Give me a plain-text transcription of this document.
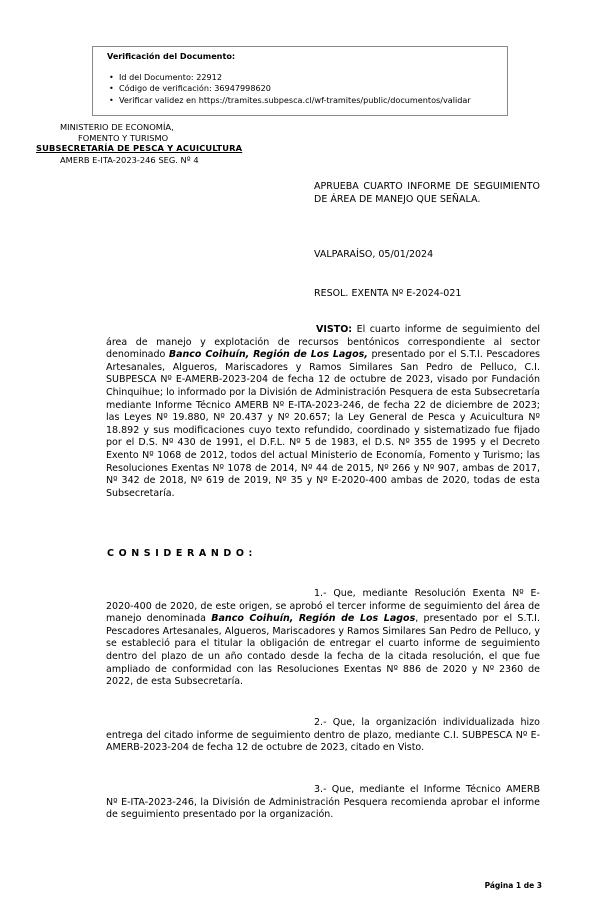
Verificación del Documento:
• Id del Documento: 22912
• Código de verificación: 36947998620
• Verificar validez en https://tramites.subpesca.cl/wf-tramites/public/documentos/validar
MINISTERIO DE ECONOMÍA,
FOMENTO Y TURISMO
SUBSECRETARÍA DE PESCA Y ACUICULTURA
AMERB E-ITA-2023-246 SEG. Nº 4
APRUEBA CUARTO INFORME DE SEGUIMIENTO DE ÁREA DE MANEJO QUE SEÑALA.
VALPARAÍSO, 05/01/2024
RESOL. EXENTA Nº E-2024-021
VISTO: El cuarto informe de seguimiento del área de manejo y explotación de recursos bentónicos correspondiente al sector denominado Banco Coihuín, Región de Los Lagos, presentado por el S.T.I. Pescadores Artesanales, Algueros, Mariscadores y Ramos Similares San Pedro de Pelluco, C.I. SUBPESCA Nº E-AMERB-2023-204 de fecha 12 de octubre de 2023, visado por Fundación Chinquihue; lo informado por la División de Administración Pesquera de esta Subsecretaría mediante Informe Técnico AMERB Nº E-ITA-2023-246, de fecha 22 de diciembre de 2023; las Leyes Nº 19.880, Nº 20.437 y Nº 20.657; la Ley General de Pesca y Acuicultura Nº 18.892 y sus modificaciones cuyo texto refundido, coordinado y sistematizado fue fijado por el D.S. Nº 430 de 1991, el D.F.L. Nº 5 de 1983, el D.S. Nº 355 de 1995 y el Decreto Exento Nº 1068 de 2012, todos del actual Ministerio de Economía, Fomento y Turismo; las Resoluciones Exentas Nº 1078 de 2014, Nº 44 de 2015, Nº 266 y Nº 907, ambas de 2017, Nº 342 de 2018, Nº 619 de 2019, Nº 35 y Nº E-2020-400 ambas de 2020, todas de esta Subsecretaría.
CONSIDERANDO:
1.- Que, mediante Resolución Exenta Nº E-2020-400 de 2020, de este origen, se aprobó el tercer informe de seguimiento del área de manejo denominada Banco Coihuín, Región de Los Lagos, presentado por el S.T.I. Pescadores Artesanales, Algueros, Mariscadores y Ramos Similares San Pedro de Pelluco, y se estableció para el titular la obligación de entregar el cuarto informe de seguimiento dentro del plazo de un año contado desde la fecha de la citada resolución, el que fue ampliado de conformidad con las Resoluciones Exentas Nº 886 de 2020 y Nº 2360 de 2022, de esta Subsecretaría.
2.- Que, la organización individualizada hizo entrega del citado informe de seguimiento dentro de plazo, mediante C.I. SUBPESCA Nº E-AMERB-2023-204 de fecha 12 de octubre de 2023, citado en Visto.
3.- Que, mediante el Informe Técnico AMERB Nº E-ITA-2023-246, la División de Administración Pesquera recomienda aprobar el informe de seguimiento presentado por la organización.
Página 1 de 3
